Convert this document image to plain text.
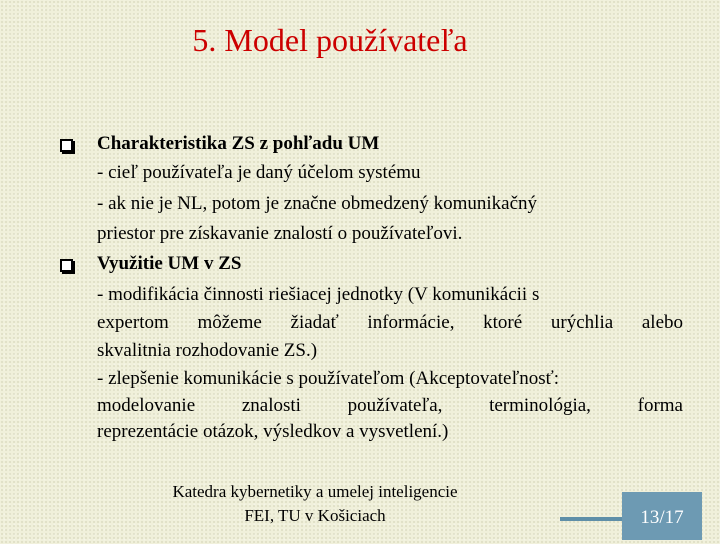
5. Model používateľa
Charakteristika ZS z pohľadu UM
- cieľ používateľa je daný účelom systému
- ak nie je NL, potom je značne obmedzený komunikačný
priestor pre získavanie znalostí o používateľovi.
Využitie UM v ZS
- modifikácia činnosti riešiacej jednotky (V komunikácii s
expertom môžeme žiadať informácie, ktoré urýchlia alebo
skvalitnia rozhodovanie ZS.)
- zlepšenie komunikácie s používateľom (Akceptovateľnosť:
modelovanie znalosti používateľa, terminológia, forma
reprezentácie otázok, výsledkov a vysvetlení.)
Katedra kybernetiky a umelej inteligencie
FEI, TU v Košiciach	13/17
